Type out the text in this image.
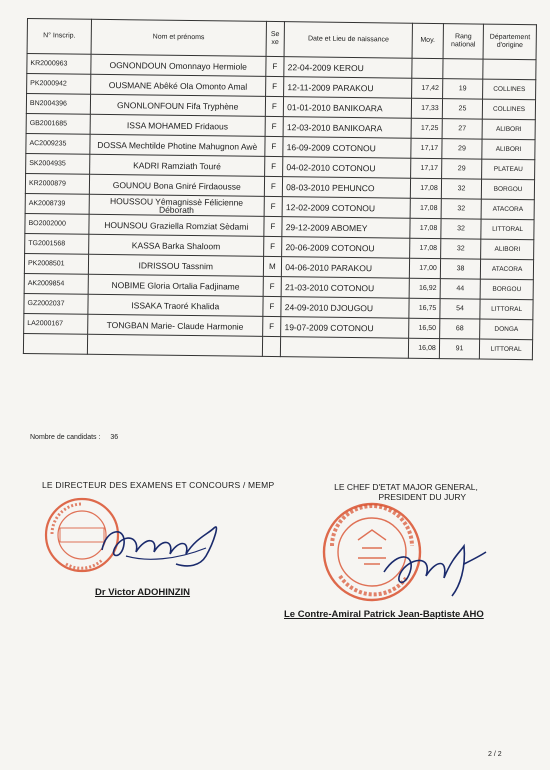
N° Inscrip.	Nom et prénoms	Se xe	Date et Lieu de naissance	Moy.	Rang national	Département d'origine
KR2000963	OGNONDOUN Omonnayo Hermiole	F	22-04-2009 KEROU			
PK2000942	OUSMANE Abêké Ola Omonto Amal	F	12-11-2009 PARAKOU	17,42	19	COLLINES
BN2004396	GNONLONFOUN Fifa Tryphène	F	01-01-2010 BANIKOARA	17,33	25	COLLINES
GB2001685	ISSA MOHAMED Fridaous	F	12-03-2010 BANIKOARA	17,25	27	ALIBORI
AC2009235	DOSSA Mechtilde Photine Mahugnon Awè	F	16-09-2009 COTONOU	17,17	29	ALIBORI
SK2004935	KADRI Ramziath Touré	F	04-02-2010 COTONOU	17,17	29	PLATEAU
KR2000879	GOUNOU Bona Gniré Firdaousse	F	08-03-2010 PEHUNCO	17,08	32	BORGOU
AK2008739	HOUSSOU Yêmagnissè Félicienne Déborath	F	12-02-2009 COTONOU	17,08	32	ATACORA
BO2002000	HOUNSOU Graziella Romziat Sèdami	F	29-12-2009 ABOMEY	17,08	32	LITTORAL
TG2001568	KASSA Barka Shaloom	F	20-06-2009 COTONOU	17,08	32	ALIBORI
PK2008501	IDRISSOU Tassnim	M	04-06-2010 PARAKOU	17,00	38	ATACORA
AK2009854	NOBIME Gloria Ortalia Fadjiname	F	21-03-2010 COTONOU	16,92	44	BORGOU
GZ2002037	ISSAKA Traoré Khalida	F	24-09-2010 DJOUGOU	16,75	54	LITTORAL
LA2000167	TONGBAN Marie- Claude Harmonie	F	19-07-2009 COTONOU	16,50	68	DONGA
				16,08	91	LITTORAL
Nombre de candidats : 36
LE DIRECTEUR DES EXAMENS ET CONCOURS / MEMP	LE CHEF D'ETAT MAJOR GENERAL,
PRESIDENT DU JURY
Dr Victor ADOHINZIN
Le Contre-Amiral Patrick Jean-Baptiste AHO
2 / 2
